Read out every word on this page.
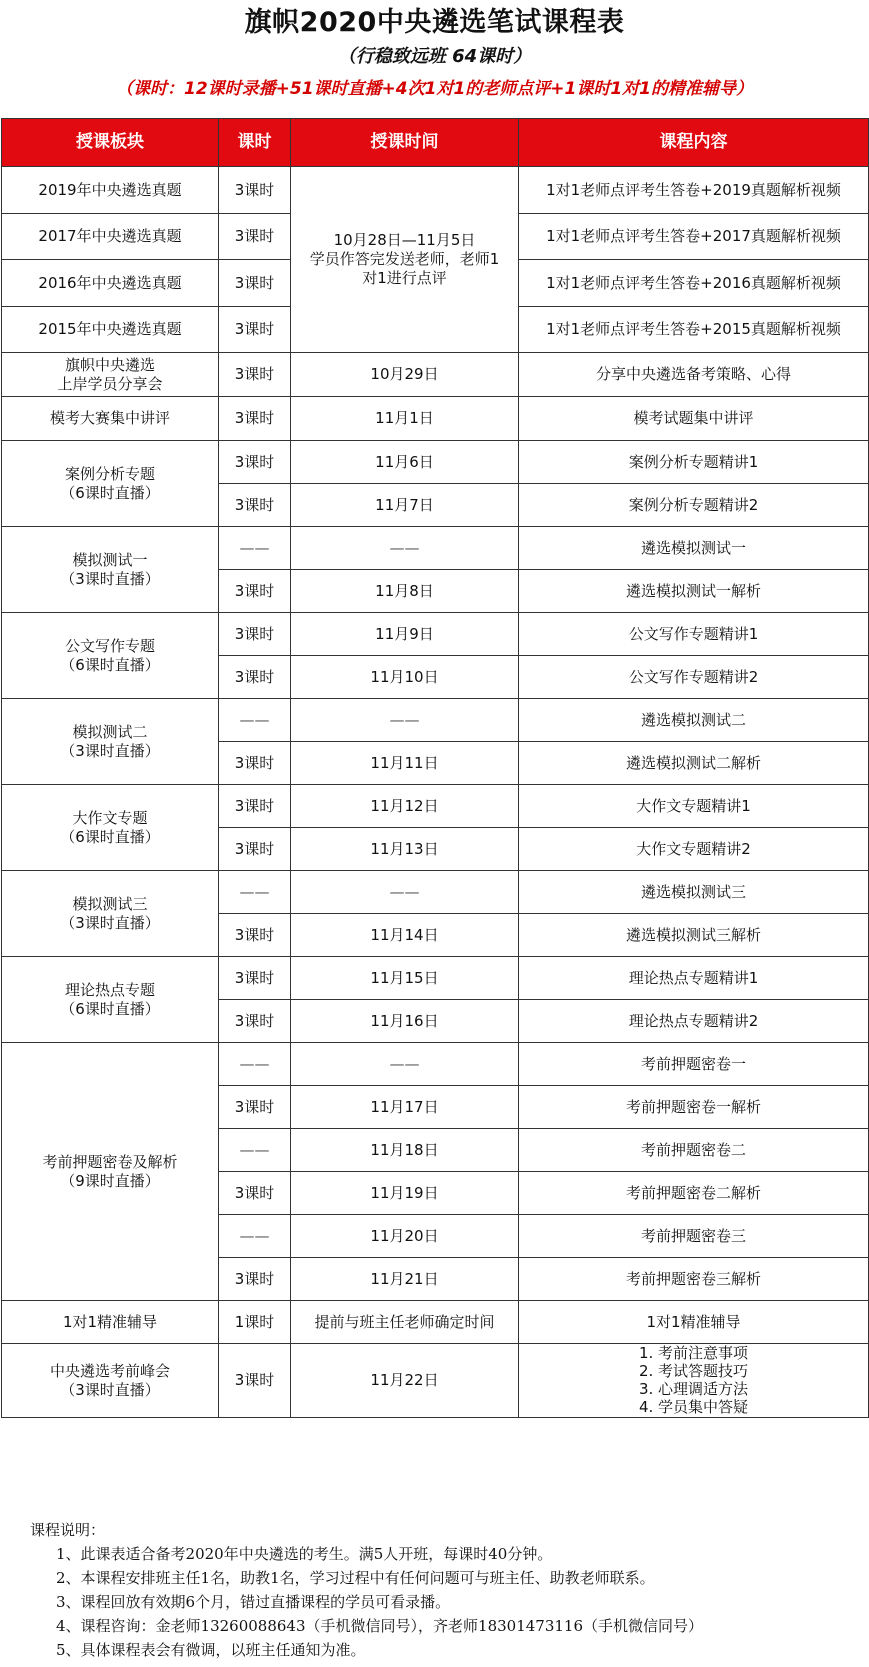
旗帜2020中央遴选笔试课程表
（行稳致远班 64课时）
（课时：12课时录播+51课时直播+4次1对1的老师点评+1课时1对1的精准辅导）
授课板块	课时	授课时间	课程内容
2019年中央遴选真题	3课时	10月28日—11月5日
学员作答完发送老师，老师1
对1进行点评	1对1老师点评考生答卷+2019真题解析视频
2017年中央遴选真题	3课时		1对1老师点评考生答卷+2017真题解析视频
2016年中央遴选真题	3课时		1对1老师点评考生答卷+2016真题解析视频
2015年中央遴选真题	3课时		1对1老师点评考生答卷+2015真题解析视频
旗帜中央遴选
上岸学员分享会	3课时	10月29日	分享中央遴选备考策略、心得
模考大赛集中讲评	3课时	11月1日	模考试题集中讲评
案例分析专题
（6课时直播）	3课时	11月6日	案例分析专题精讲1
	3课时	11月7日	案例分析专题精讲2
模拟测试一
（3课时直播）	——	——	遴选模拟测试一
	3课时	11月8日	遴选模拟测试一解析
公文写作专题
（6课时直播）	3课时	11月9日	公文写作专题精讲1
	3课时	11月10日	公文写作专题精讲2
模拟测试二
（3课时直播）	——	——	遴选模拟测试二
	3课时	11月11日	遴选模拟测试二解析
大作文专题
（6课时直播）	3课时	11月12日	大作文专题精讲1
	3课时	11月13日	大作文专题精讲2
模拟测试三
（3课时直播）	——	——	遴选模拟测试三
	3课时	11月14日	遴选模拟测试三解析
理论热点专题
（6课时直播）	3课时	11月15日	理论热点专题精讲1
	3课时	11月16日	理论热点专题精讲2
考前押题密卷及解析
（9课时直播）	——	——	考前押题密卷一
	3课时	11月17日	考前押题密卷一解析
	——	11月18日	考前押题密卷二
	3课时	11月19日	考前押题密卷二解析
	——	11月20日	考前押题密卷三
	3课时	11月21日	考前押题密卷三解析
1对1精准辅导	1课时	提前与班主任老师确定时间	1对1精准辅导
中央遴选考前峰会
（3课时直播）	3课时	11月22日	1. 考前注意事项
2. 考试答题技巧
3. 心理调适方法
4. 学员集中答疑
课程说明：
1、此课表适合备考2020年中央遴选的考生。满5人开班，每课时40分钟。
2、本课程安排班主任1名，助教1名，学习过程中有任何问题可与班主任、助教老师联系。
3、课程回放有效期6个月，错过直播课程的学员可看录播。
4、课程咨询：金老师13260088643（手机微信同号），齐老师18301473116（手机微信同号）
5、具体课程表会有微调，以班主任通知为准。
